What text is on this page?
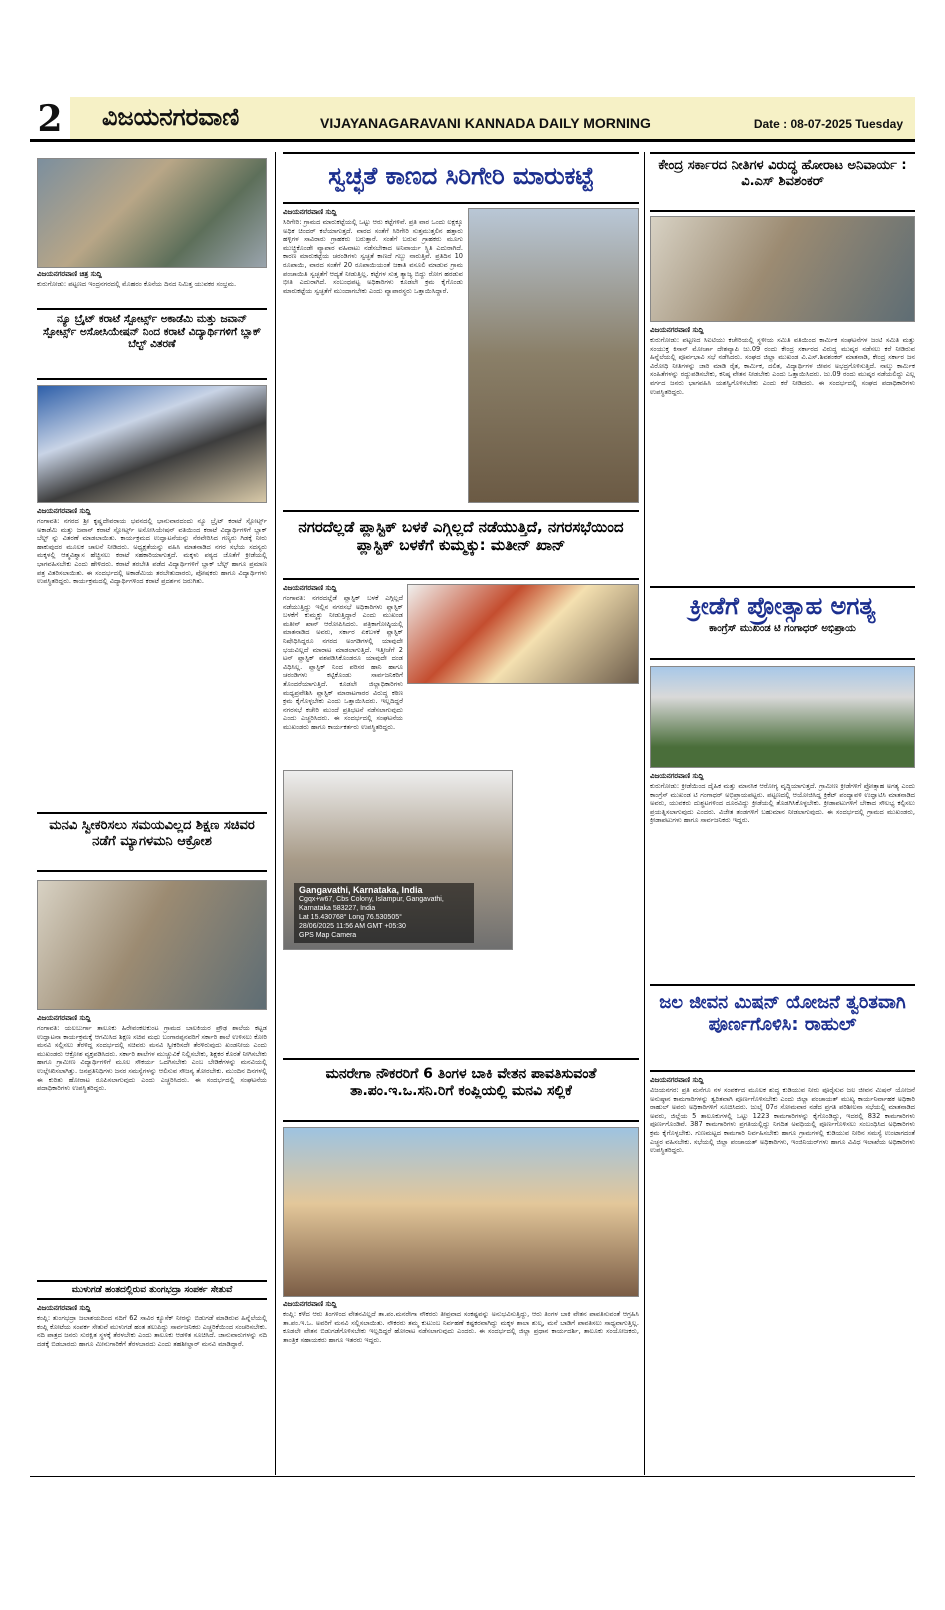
2	ವಿಜಯನಗರವಾಣಿ	VIJAYANAGARAVANI KANNADA DAILY MORNING	Date : 08-07-2025 Tuesday
ವಿಜಯನಗರವಾಣಿ ಚಿತ್ರ ಸುದ್ದಿ
ಕುರುಗೋಡು: ಪಟ್ಟಣದ ಇಂದ್ರನಗರದಲ್ಲಿ ಮೊಹರಂ ಕೊನೆಯ ದಿನದ ನಿಮಿತ್ತ ಯುವಕರ ಸಂಭ್ರಮ.
ನ್ಯೂ ಬ್ರೈಟ್ ಕರಾಟೆ ಸ್ಪೋರ್ಟ್ಸ್ ಅಕಾಡೆಮಿ ಮತ್ತು ಜವಾನ್ ಸ್ಪೋರ್ಟ್ಸ್ ಅಸೋಸಿಯೇಷನ್ ನಿಂದ ಕರಾಟೆ ವಿದ್ಯಾರ್ಥಿಗಳಿಗೆ ಬ್ಲಾಕ್ ಬೆಲ್ಟ್ ವಿತರಣೆ
ವಿಜಯನಗರವಾಣಿ ಸುದ್ದಿ
ಗಂಗಾವತಿ: ನಗರದ ಶ್ರೀ ಕೃಷ್ಣದೇವರಾಯ ಭವನದಲ್ಲಿ ಭಾನುವಾರದಂದು ನ್ಯೂ ಬ್ರೈಟ್ ಕರಾಟೆ ಸ್ಪೋರ್ಟ್ಸ್ ಅಕಾಡೆಮಿ ಮತ್ತು ಜವಾನ್ ಕರಾಟೆ ಸ್ಪೋರ್ಟ್ಸ್ ಅಸೋಸಿಯೇಷನ್ ವತಿಯಿಂದ ಕರಾಟೆ ವಿದ್ಯಾರ್ಥಿಗಳಿಗೆ ಬ್ಲಾಕ್ ಬೆಲ್ಟ್ ನ್ನು ವಿತರಣೆ ಮಾಡಲಾಯಿತು. ಕಾರ್ಯಕ್ರಮದ ಉದ್ಘಾಟನೆಯನ್ನು ನೆರವೇರಿಸಿದ ಗಣ್ಯರು ಗಿಡಕ್ಕೆ ನೀರು ಹಾಕುವುದರ ಮೂಲಕ ಚಾಲನೆ ನೀಡಿದರು. ಅಧ್ಯಕ್ಷತೆಯನ್ನು ವಹಿಸಿ ಮಾತನಾಡಿದ ನಗರ ಸಭೆಯ ಸದಸ್ಯರು ಮಕ್ಕಳಲ್ಲಿ ಆತ್ಮವಿಶ್ವಾಸ ಹೆಚ್ಚಿಸಲು ಕರಾಟೆ ಸಹಕಾರಿಯಾಗುತ್ತದೆ. ಮಕ್ಕಳು ಪಠ್ಯದ ಜೊತೆಗೆ ಕ್ರೀಡೆಯಲ್ಲಿ ಭಾಗವಹಿಸಬೇಕು ಎಂದು ಹೇಳಿದರು. ಕರಾಟೆ ತರಬೇತಿ ಪಡೆದ ವಿದ್ಯಾರ್ಥಿಗಳಿಗೆ ಬ್ಲಾಕ್ ಬೆಲ್ಟ್ ಹಾಗೂ ಪ್ರಮಾಣ ಪತ್ರ ವಿತರಿಸಲಾಯಿತು. ಈ ಸಂದರ್ಭದಲ್ಲಿ ಅಕಾಡೆಮಿಯ ತರಬೇತುದಾರರು, ಪೋಷಕರು ಹಾಗೂ ವಿದ್ಯಾರ್ಥಿಗಳು ಉಪಸ್ಥಿತರಿದ್ದರು. ಕಾರ್ಯಕ್ರಮದಲ್ಲಿ ವಿದ್ಯಾರ್ಥಿಗಳಿಂದ ಕರಾಟೆ ಪ್ರದರ್ಶನ ಜರುಗಿತು.
ಮನವಿ ಸ್ವೀಕರಿಸಲು ಸಮಯವಿಲ್ಲದ ಶಿಕ್ಷಣ ಸಚಿವರ ನಡೆಗೆ ಮ್ಯಾಗಳಮನಿ ಆಕ್ರೋಶ
ವಿಜಯನಗರವಾಣಿ ಸುದ್ದಿ
ಗಂಗಾವತಿ: ಯಲಬುರ್ಗಾ ತಾಲೂಕು ಹಿರೇವಂಕಲಕುಂಟ ಗ್ರಾಮದ ಬಾಲಕಿಯರ ಪ್ರೌಢ ಶಾಲೆಯ ಕಟ್ಟಡ ಉದ್ಘಾಟನಾ ಕಾರ್ಯಕ್ರಮಕ್ಕೆ ಆಗಮಿಸಿದ ಶಿಕ್ಷಣ ಸಚಿವ ಮಧು ಬಂಗಾರಪ್ಪನವರಿಗೆ ಸರ್ಕಾರಿ ಶಾಲೆ ಉಳಿಸಲು ಕೋರಿ ಮನವಿ ಸಲ್ಲಿಸಲು ತೆರಳಿದ್ದ ಸಂದರ್ಭದಲ್ಲಿ ಸಚಿವರು ಮನವಿ ಸ್ವೀಕರಿಸದೇ ತೆರಳಿರುವುದು ಖಂಡನೀಯ ಎಂದು ಮುಖಂಡರು ಆಕ್ರೋಶ ವ್ಯಕ್ತಪಡಿಸಿದರು. ಸರ್ಕಾರಿ ಶಾಲೆಗಳ ಮುಚ್ಚುವಿಕೆ ನಿಲ್ಲಿಸಬೇಕು, ಶಿಕ್ಷಕರ ಕೊರತೆ ನೀಗಿಸಬೇಕು ಹಾಗೂ ಗ್ರಾಮೀಣ ವಿದ್ಯಾರ್ಥಿಗಳಿಗೆ ಮೂಲ ಸೌಕರ್ಯ ಒದಗಿಸಬೇಕು ಎಂಬ ಬೇಡಿಕೆಗಳನ್ನು ಮನವಿಯಲ್ಲಿ ಉಲ್ಲೇಖಿಸಲಾಗಿತ್ತು. ಜನಪ್ರತಿನಿಧಿಗಳು ಜನರ ಸಮಸ್ಯೆಗಳನ್ನು ಆಲಿಸುವ ಸೌಜನ್ಯ ತೋರಬೇಕು. ಮುಂದಿನ ದಿನಗಳಲ್ಲಿ ಈ ಕುರಿತು ಹೋರಾಟ ರೂಪಿಸಲಾಗುವುದು ಎಂದು ಎಚ್ಚರಿಸಿದರು. ಈ ಸಂದರ್ಭದಲ್ಲಿ ಸಂಘಟನೆಯ ಪದಾಧಿಕಾರಿಗಳು ಉಪಸ್ಥಿತರಿದ್ದರು.
ಮುಳುಗಡೆ ಹಂತದಲ್ಲಿರುವ ತುಂಗಭದ್ರಾ ಸಂಪರ್ಕ ಸೇತುವೆ
ವಿಜಯನಗರವಾಣಿ ಸುದ್ದಿ
ಕಂಪ್ಲಿ: ತುಂಗಭದ್ರಾ ಜಲಾಶಯದಿಂದ ನದಿಗೆ 62 ಸಾವಿರ ಕ್ಯೂಸೆಕ್ ನೀರನ್ನು ಬಿಡುಗಡೆ ಮಾಡಿರುವ ಹಿನ್ನೆಲೆಯಲ್ಲಿ ಕಂಪ್ಲಿ ಕೋಟೆಯ ಸಂಪರ್ಕ ಸೇತುವೆ ಮುಳುಗಡೆ ಹಂತ ತಲುಪಿದ್ದು ಸಾರ್ವಜನಿಕರು ಎಚ್ಚರಿಕೆಯಿಂದ ಸಂಚರಿಸಬೇಕು. ನದಿ ಪಾತ್ರದ ಜನರು ಸುರಕ್ಷಿತ ಸ್ಥಳಕ್ಕೆ ತೆರಳಬೇಕು ಎಂದು ತಾಲೂಕು ಆಡಳಿತ ಸೂಚಿಸಿದೆ. ಜಾನುವಾರುಗಳನ್ನು ನದಿ ದಡಕ್ಕೆ ಬಿಡಬಾರದು ಹಾಗೂ ಮೀನುಗಾರಿಕೆಗೆ ತೆರಳಬಾರದು ಎಂದು ತಹಶೀಲ್ದಾರ್ ಮನವಿ ಮಾಡಿದ್ದಾರೆ.
ಸ್ವಚ್ಛತೆ ಕಾಣದ ಸಿರಿಗೇರಿ ಮಾರುಕಟ್ಟೆ
ವಿಜಯನಗರವಾಣಿ ಸುದ್ದಿ
ಸಿರಿಗೇರಿ: ಗ್ರಾಮದ ಮಾರುಕಟ್ಟೆಯಲ್ಲಿ ಒಟ್ಟು ಆರು ಕಟ್ಟೆಗಳಿವೆ. ಪ್ರತಿ ವಾರ ಒಂದು ಲಕ್ಷಕ್ಕೂ ಅಧಿಕ ಚಿಂದರ್ ಕಲೆಯಾಗುತ್ತದೆ. ವಾರದ ಸಂತೆಗೆ ಸಿರಿಗೇರಿ ಸುತ್ತಮುತ್ತಲಿನ ಹತ್ತಾರು ಹಳ್ಳಿಗಳ ಸಾವಿರಾರು ಗ್ರಾಹಕರು ಬರುತ್ತಾರೆ. ಸಂತೆಗೆ ಬರುವ ಗ್ರಾಹಕರು ಮೂಗು ಮುಚ್ಚಿಕೊಂಡೇ ವ್ಯಾಪಾರ ವಹಿವಾಟು ನಡೆಸಬೇಕಾದ ಅನಿವಾರ್ಯ ಸ್ಥಿತಿ ಎದುರಾಗಿದೆ. ಕಾರಣ ಮಾರುಕಟ್ಟೆಯ ಚರಂಡಿಗಳು ಸ್ವಚ್ಛತೆ ಕಾಣದೆ ಗಬ್ಬು ನಾರುತ್ತಿವೆ. ಪ್ರತಿದಿನ 10 ರೂಪಾಯಿ, ವಾರದ ಸಂತೆಗೆ 20 ರೂಪಾಯಿಯಂತೆ ಜಕಾತಿ ವಸೂಲಿ ಮಾಡುವ ಗ್ರಾಮ ಪಂಚಾಯಿತಿ ಸ್ವಚ್ಛತೆಗೆ ಆದ್ಯತೆ ನೀಡುತ್ತಿಲ್ಲ. ಕಟ್ಟೆಗಳ ಸುತ್ತ ತ್ಯಾಜ್ಯ ಬಿದ್ದು ರೋಗ ಹರಡುವ ಭೀತಿ ಎದುರಾಗಿದೆ. ಸಂಬಂಧಪಟ್ಟ ಅಧಿಕಾರಿಗಳು ಕೂಡಲೇ ಕ್ರಮ ಕೈಗೊಂಡು ಮಾರುಕಟ್ಟೆಯ ಸ್ವಚ್ಛತೆಗೆ ಮುಂದಾಗಬೇಕು ಎಂದು ವ್ಯಾಪಾರಸ್ಥರು ಒತ್ತಾಯಿಸಿದ್ದಾರೆ.
ನಗರದೆಲ್ಲಡೆ ಪ್ಲಾಸ್ಟಿಕ್ ಬಳಕೆ ಎಗ್ಗಿಲ್ಲದೆ ನಡೆಯುತ್ತಿದೆ, ನಗರಸಭೆಯಿಂದ ಪ್ಲಾಸ್ಟಿಕ್ ಬಳಕೆಗೆ ಕುಮ್ಮಕ್ಕು: ಮತೀನ್ ಖಾನ್
ವಿಜಯನಗರವಾಣಿ ಸುದ್ದಿ
ಗಂಗಾವತಿ: ನಗರದಲ್ಲೆಡೆ ಪ್ಲಾಸ್ಟಿಕ್ ಬಳಕೆ ಎಗ್ಗಿಲ್ಲದೆ ನಡೆಯುತ್ತಿದ್ದು ಇಲ್ಲಿನ ನಗರಸಭೆ ಅಧಿಕಾರಿಗಳು ಪ್ಲಾಸ್ಟಿಕ್ ಬಳಕೆಗೆ ಕುಮ್ಮಕ್ಕು ನೀಡುತ್ತಿದ್ದಾರೆ ಎಂದು ಮುಖಂಡ ಮತೀನ್ ಖಾನ್ ಆರೋಪಿಸಿದರು. ಪತ್ರಿಕಾಗೋಷ್ಠಿಯಲ್ಲಿ ಮಾತನಾಡಿದ ಅವರು, ಸರ್ಕಾರ ಏಕಬಳಕೆ ಪ್ಲಾಸ್ಟಿಕ್ ನಿಷೇಧಿಸಿದ್ದರೂ ನಗರದ ಅಂಗಡಿಗಳಲ್ಲಿ ಯಾವುದೇ ಭಯವಿಲ್ಲದೆ ಮಾರಾಟ ಮಾಡಲಾಗುತ್ತಿದೆ. ಇತ್ತೀಚೆಗೆ 2 ಟನ್ ಪ್ಲಾಸ್ಟಿಕ್ ವಶಪಡಿಸಿಕೊಂಡರೂ ಯಾವುದೇ ದಂಡ ವಿಧಿಸಿಲ್ಲ. ಪ್ಲಾಸ್ಟಿಕ್ ನಿಂದ ಪರಿಸರ ಹಾನಿ ಹಾಗೂ ಚರಂಡಿಗಳು ಕಟ್ಟಿಕೊಂಡು ಸಾರ್ವಜನಿಕರಿಗೆ ತೊಂದರೆಯಾಗುತ್ತಿದೆ. ಕೂಡಲೇ ಜಿಲ್ಲಾಧಿಕಾರಿಗಳು ಮಧ್ಯಪ್ರವೇಶಿಸಿ ಪ್ಲಾಸ್ಟಿಕ್ ಮಾರಾಟಗಾರರ ವಿರುದ್ಧ ಕಠಿಣ ಕ್ರಮ ಕೈಗೊಳ್ಳಬೇಕು ಎಂದು ಒತ್ತಾಯಿಸಿದರು. ಇಲ್ಲದಿದ್ದರೆ ನಗರಸಭೆ ಕಚೇರಿ ಮುಂದೆ ಪ್ರತಿಭಟನೆ ನಡೆಸಲಾಗುವುದು ಎಂದು ಎಚ್ಚರಿಸಿದರು. ಈ ಸಂದರ್ಭದಲ್ಲಿ ಸಂಘಟನೆಯ ಮುಖಂಡರು ಹಾಗೂ ಕಾರ್ಯಕರ್ತರು ಉಪಸ್ಥಿತರಿದ್ದರು.
Gangavathi, Karnataka, India
Cgqx+w67, Cbs Colony, Islampur, Gangavathi, Karnataka 583227, India
Lat 15.430768° Long 76.530505°
28/06/2025 11:56 AM GMT +05:30
GPS Map Camera
ಮನರೇಗಾ ನೌಕರರಿಗೆ 6 ತಿಂಗಳ ಬಾಕಿ ವೇತನ ಪಾವತಿಸುವಂತೆ ತಾ.ಪಂ.ಇ.ಒ.ಸನಿ.ರಿಗೆ ಕಂಪ್ಲಿಯಲ್ಲಿ ಮನವಿ ಸಲ್ಲಿಕೆ
ವಿಜಯನಗರವಾಣಿ ಸುದ್ದಿ
ಕಂಪ್ಲಿ: ಕಳೆದ ಆರು ತಿಂಗಳಿಂದ ವೇತನವಿಲ್ಲದೆ ತಾ.ಪಂ.ಮನರೇಗಾ ನೌಕರರು ತೀವ್ರವಾದ ಸಂಕಷ್ಟವನ್ನು ಅನುಭವಿಸುತ್ತಿದ್ದು, ಆರು ತಿಂಗಳ ಬಾಕಿ ವೇತನ ಪಾವತಿಸುವಂತೆ ಆಗ್ರಹಿಸಿ ತಾ.ಪಂ.ಇ.ಒ. ಅವರಿಗೆ ಮನವಿ ಸಲ್ಲಿಸಲಾಯಿತು. ನೌಕರರು ತಮ್ಮ ಕುಟುಂಬ ನಿರ್ವಹಣೆ ಕಷ್ಟಕರವಾಗಿದ್ದು ಮಕ್ಕಳ ಶಾಲಾ ಶುಲ್ಕ, ಮನೆ ಬಾಡಿಗೆ ಪಾವತಿಸಲು ಸಾಧ್ಯವಾಗುತ್ತಿಲ್ಲ. ಕೂಡಲೇ ವೇತನ ಬಿಡುಗಡೆಗೊಳಿಸಬೇಕು ಇಲ್ಲದಿದ್ದರೆ ಹೋರಾಟ ನಡೆಸಲಾಗುವುದು ಎಂದರು. ಈ ಸಂದರ್ಭದಲ್ಲಿ ಜಿಲ್ಲಾ ಪ್ರಧಾನ ಕಾರ್ಯದರ್ಶಿ, ತಾಲೂಕು ಸಂಯೋಜಕರು, ತಾಂತ್ರಿಕ ಸಹಾಯಕರು ಹಾಗೂ ಇತರರು ಇದ್ದರು.
ಕೇಂದ್ರ ಸರ್ಕಾರದ ನೀತಿಗಳ ವಿರುದ್ಧ ಹೋರಾಟ ಅನಿವಾರ್ಯ : ವಿ.ಎಸ್ ಶಿವಶಂಕರ್
ವಿಜಯನಗರವಾಣಿ ಸುದ್ದಿ
ಕುರುಗೋಡು: ಪಟ್ಟಣದ ಸಿಐಟಿಯು ಕಚೇರಿಯಲ್ಲಿ ಸ್ಥಳೀಯ ಸಮಿತಿ ವತಿಯಿಂದ ಕಾರ್ಮಿಕ ಸಂಘಟನೆಗಳ ಜಂಟಿ ಸಮಿತಿ ಮತ್ತು ಸಂಯುಕ್ತ ಕಿಸಾನ್ ಮೋರ್ಚಾ ದೇಶವ್ಯಾಪಿ ಜು.09 ರಂದು ಕೇಂದ್ರ ಸರ್ಕಾರದ ವಿರುದ್ಧ ಮುಷ್ಕರ ನಡೆಸಲು ಕರೆ ನೀಡಿರುವ ಹಿನ್ನೆಲೆಯಲ್ಲಿ ಪೂರ್ವಭಾವಿ ಸಭೆ ನಡೆಸಿದರು. ಸಂಘದ ಜಿಲ್ಲಾ ಮುಖಂಡ ವಿ.ಎಸ್.ಶಿವಶಂಕರ್ ಮಾತನಾಡಿ, ಕೇಂದ್ರ ಸರ್ಕಾರ ಜನ ವಿರೋಧಿ ನೀತಿಗಳನ್ನು ಜಾರಿ ಮಾಡಿ ರೈತ, ಕಾರ್ಮಿಕ, ದಲಿತ, ವಿದ್ಯಾರ್ಥಿಗಳ ಜೀವನ ಅಭದ್ರಗೊಳಿಸುತ್ತಿದೆ. ನಾಲ್ಕು ಕಾರ್ಮಿಕ ಸಂಹಿತೆಗಳನ್ನು ರದ್ದುಪಡಿಸಬೇಕು, ಕನಿಷ್ಠ ವೇತನ ನೀಡಬೇಕು ಎಂದು ಒತ್ತಾಯಿಸಿದರು. ಜು.09 ರಂದು ಮುಷ್ಕರ ನಡೆಯಲಿದ್ದು ಎಲ್ಲ ವರ್ಗದ ಜನರು ಭಾಗವಹಿಸಿ ಯಶಸ್ವಿಗೊಳಿಸಬೇಕು ಎಂದು ಕರೆ ನೀಡಿದರು. ಈ ಸಂದರ್ಭದಲ್ಲಿ ಸಂಘದ ಪದಾಧಿಕಾರಿಗಳು ಉಪಸ್ಥಿತರಿದ್ದರು.
ಕ್ರೀಡೆಗೆ ಪ್ರೋತ್ಸಾಹ ಅಗತ್ಯ
ಕಾಂಗ್ರೆಸ್ ಮುಖಂಡ ಟಿ ಗಂಗಾಧರ್ ಅಭಿಪ್ರಾಯ
ವಿಜಯನಗರವಾಣಿ ಸುದ್ದಿ
ಕುರುಗೋಡು: ಕ್ರೀಡೆಯಿಂದ ದೈಹಿಕ ಮತ್ತು ಮಾನಸಿಕ ಆರೋಗ್ಯ ವೃದ್ಧಿಯಾಗುತ್ತದೆ. ಗ್ರಾಮೀಣ ಕ್ರೀಡೆಗಳಿಗೆ ಪ್ರೋತ್ಸಾಹ ಅಗತ್ಯ ಎಂದು ಕಾಂಗ್ರೆಸ್ ಮುಖಂಡ ಟಿ ಗಂಗಾಧರ್ ಅಭಿಪ್ರಾಯಪಟ್ಟರು. ಪಟ್ಟಣದಲ್ಲಿ ಆಯೋಜಿಸಿದ್ದ ಕ್ರಿಕೆಟ್ ಪಂದ್ಯಾವಳಿ ಉದ್ಘಾಟಿಸಿ ಮಾತನಾಡಿದ ಅವರು, ಯುವಕರು ದುಶ್ಚಟಗಳಿಂದ ದೂರವಿದ್ದು ಕ್ರೀಡೆಯಲ್ಲಿ ತೊಡಗಿಸಿಕೊಳ್ಳಬೇಕು. ಕ್ರೀಡಾಪಟುಗಳಿಗೆ ಬೇಕಾದ ಸೌಲಭ್ಯ ಕಲ್ಪಿಸಲು ಪ್ರಯತ್ನಿಸಲಾಗುವುದು ಎಂದರು. ವಿಜೇತ ತಂಡಗಳಿಗೆ ಬಹುಮಾನ ನೀಡಲಾಗುವುದು. ಈ ಸಂದರ್ಭದಲ್ಲಿ ಗ್ರಾಮದ ಮುಖಂಡರು, ಕ್ರೀಡಾಪಟುಗಳು ಹಾಗೂ ಸಾರ್ವಜನಿಕರು ಇದ್ದರು.
ಜಲ ಜೀವನ ಮಿಷನ್ ಯೋಜನೆ ತ್ವರಿತವಾಗಿ ಪೂರ್ಣಗೊಳಿಸಿ: ರಾಹುಲ್
ವಿಜಯನಗರವಾಣಿ ಸುದ್ದಿ
ವಿಜಯನಗರ: ಪ್ರತಿ ಮನೆಗೂ ನಳ ಸಂಪರ್ಕದ ಮೂಲಕ ಶುದ್ಧ ಕುಡಿಯುವ ನೀರು ಪೂರೈಸುವ ಜಲ ಜೀವನ ಮಿಷನ್ ಯೋಜನೆ ಅನುಷ್ಠಾನ ಕಾಮಗಾರಿಗಳನ್ನು ತ್ವರಿತವಾಗಿ ಪೂರ್ಣಗೊಳಿಸಬೇಕು ಎಂದು ಜಿಲ್ಲಾ ಪಂಚಾಯತ್ ಮುಖ್ಯ ಕಾರ್ಯನಿರ್ವಾಹಕ ಅಧಿಕಾರಿ ರಾಹುಲ್ ಅವರು ಅಧಿಕಾರಿಗಳಿಗೆ ಸೂಚಿಸಿದರು. ಜುಲೈ 07ರ ಸೋಮವಾರ ನಡೆದ ಪ್ರಗತಿ ಪರಿಶೀಲನಾ ಸಭೆಯಲ್ಲಿ ಮಾತನಾಡಿದ ಅವರು, ಜಿಲ್ಲೆಯ 5 ತಾಲೂಕುಗಳಲ್ಲಿ ಒಟ್ಟು 1223 ಕಾಮಗಾರಿಗಳನ್ನು ಕೈಗೊಂಡಿದ್ದು, ಇದರಲ್ಲಿ 832 ಕಾಮಗಾರಿಗಳು ಪೂರ್ಣಗೊಂಡಿವೆ. 387 ಕಾಮಗಾರಿಗಳು ಪ್ರಗತಿಯಲ್ಲಿದ್ದು ನಿಗದಿತ ಅವಧಿಯಲ್ಲಿ ಪೂರ್ಣಗೊಳಿಸಲು ಸಂಬಂಧಿಸಿದ ಅಧಿಕಾರಿಗಳು ಕ್ರಮ ಕೈಗೊಳ್ಳಬೇಕು. ಗುಣಮಟ್ಟದ ಕಾಮಗಾರಿ ನಿರ್ವಹಿಸಬೇಕು ಹಾಗೂ ಗ್ರಾಮಗಳಲ್ಲಿ ಕುಡಿಯುವ ನೀರಿನ ಸಮಸ್ಯೆ ಉಂಟಾಗದಂತೆ ಎಚ್ಚರ ವಹಿಸಬೇಕು. ಸಭೆಯಲ್ಲಿ ಜಿಲ್ಲಾ ಪಂಚಾಯತ್ ಅಧಿಕಾರಿಗಳು, ಇಂಜಿನಿಯರ್‌ಗಳು ಹಾಗೂ ವಿವಿಧ ಇಲಾಖೆಯ ಅಧಿಕಾರಿಗಳು ಉಪಸ್ಥಿತರಿದ್ದರು.
